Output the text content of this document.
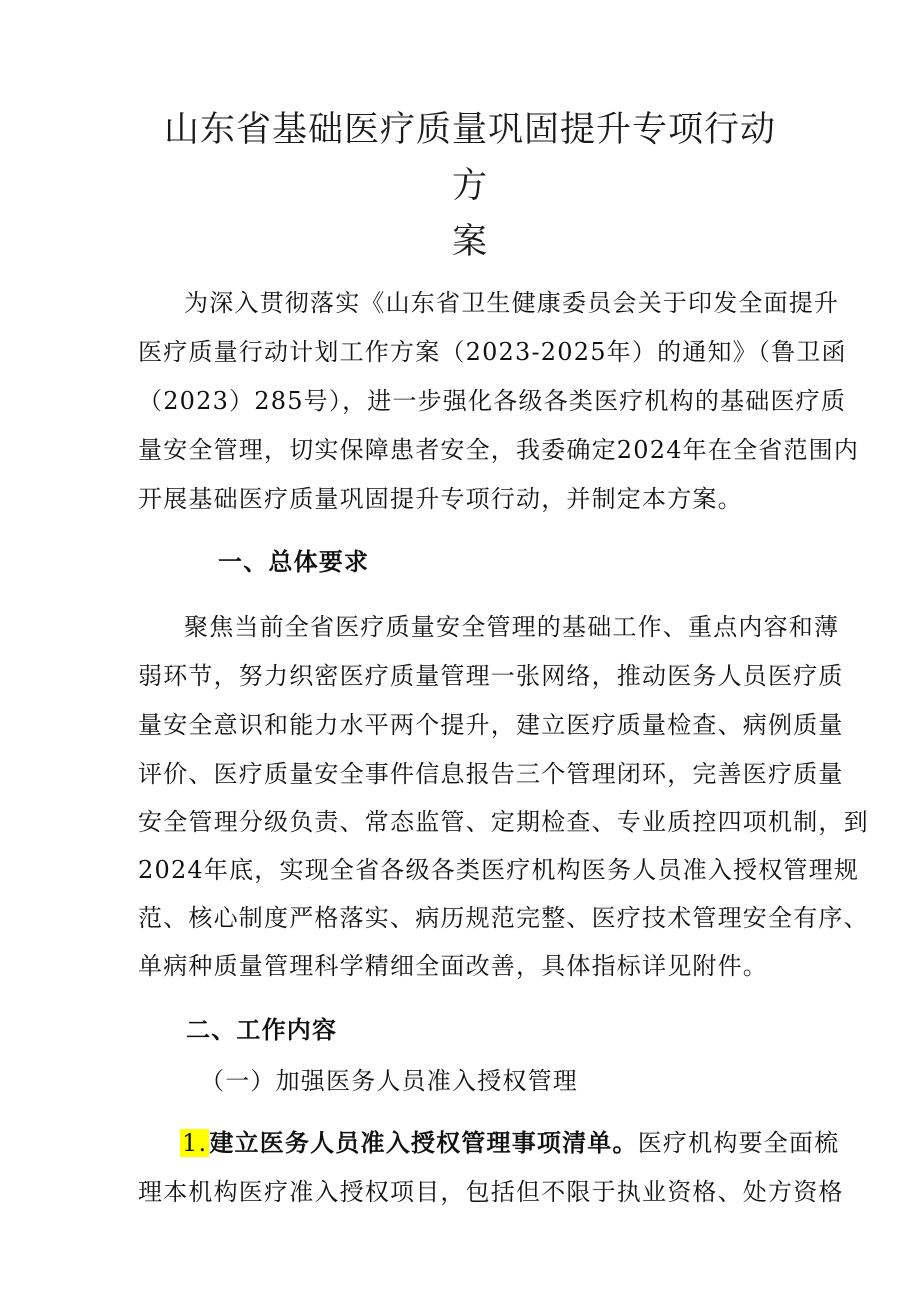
山东省基础医疗质量巩固提升专项行动方
案
为深入贯彻落实《山东省卫生健康委员会关于印发全面提升
医疗质量行动计划工作方案（2023-2025年）的通知》（鲁卫函
（2023）285号），进一步强化各级各类医疗机构的基础医疗质
量安全管理，切实保障患者安全，我委确定2024年在全省范围内
开展基础医疗质量巩固提升专项行动，并制定本方案。
一、总体要求
聚焦当前全省医疗质量安全管理的基础工作、重点内容和薄
弱环节，努力织密医疗质量管理一张网络，推动医务人员医疗质
量安全意识和能力水平两个提升，建立医疗质量检查、病例质量
评价、医疗质量安全事件信息报告三个管理闭环，完善医疗质量
安全管理分级负责、常态监管、定期检查、专业质控四项机制，到
2024年底，实现全省各级各类医疗机构医务人员准入授权管理规
范、核心制度严格落实、病历规范完整、医疗技术管理安全有序、
单病种质量管理科学精细全面改善，具体指标详见附件。
二、工作内容
（一）加强医务人员准入授权管理
1.建立医务人员准入授权管理事项清单。医疗机构要全面梳
理本机构医疗准入授权项目，包括但不限于执业资格、处方资格
